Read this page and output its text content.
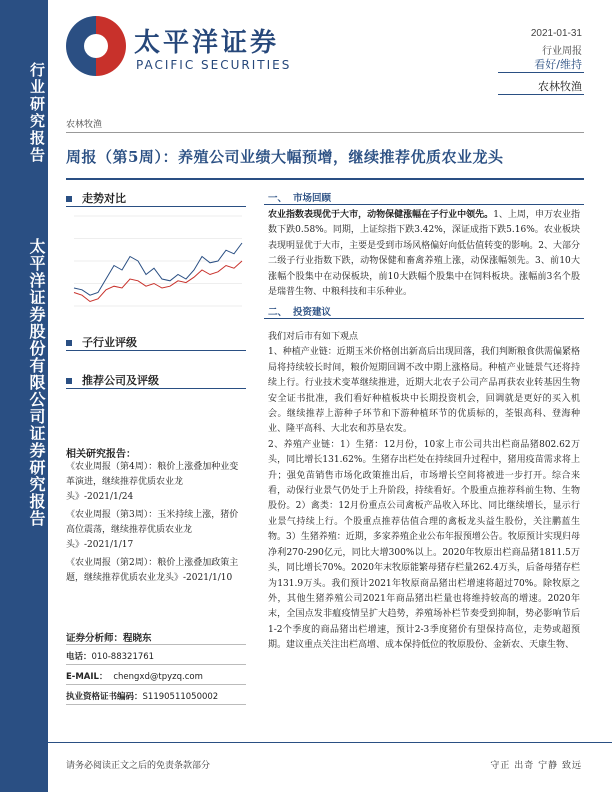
行业研究报告
太平洋证券股份有限公司证券研究报告
太平洋证券
PACIFIC SECURITIES
2021-01-31
行业周报
看好/维持
农林牧渔
农林牧渔
周报（第5周）：养殖公司业绩大幅预增，继续推荐优质农业龙头
走势对比
子行业评级
推荐公司及评级
相关研究报告：
《农业周报（第4周）：粮价上涨叠加种业变革演进，继续推荐优质农业龙头》-2021/1/24
《农业周报（第3周）：玉米持续上涨，猪价高位震荡，继续推荐优质农业龙头》-2021/1/17
《农业周报（第2周）：粮价上涨叠加政策主题，继续推荐优质农业龙头》-2021/1/10
证券分析师：程晓东
电话：010-88321761
E-MAIL： chengxd@tpyzq.com
执业资格证书编码：S1190511050002
一、 市场回顾
农业指数表现优于大市，动物保健涨幅在子行业中领先。1、上周，申万农业指数下跌0.58%。同期，上证综指下跌3.42%，深证成指下跌5.16%。农业板块表现明显优于大市，主要是受到市场风格偏好向低估值转变的影响。2、大部分二级子行业指数下跌，动物保健和畜禽养殖上涨，动保涨幅领先。3、前10大涨幅个股集中在动保板块，前10大跌幅个股集中在饲料板块。涨幅前3名个股是瑞普生物、中粮科技和丰乐种业。
二、 投资建议
我们对后市有如下观点
1、种植产业链：近期玉米价格创出新高后出现回落，我们判断粮食供需偏紧格局将持续较长时间，粮价短期回调不改中期上涨格局。种植产业链景气还将持续上行。行业技术变革继续推进，近期大北农子公司产品再获农业转基因生物安全证书批准，我们看好种植板块中长期投资机会，回调就是更好的买入机会。继续推荐上游种子环节和下游种植环节的优质标的，荃银高科、登海种业、隆平高科、大北农和苏垦农发。
2、养殖产业链：1）生猪：12月份，10家上市公司共出栏商品猪802.62万头，同比增长131.62%。生猪存出栏处在持续回升过程中，猪用疫苗需求将上升；强免苗销售市场化政策推出后，市场增长空间将被进一步打开。综合来看，动保行业景气仍处于上升阶段，持续看好。个股重点推荐科前生物、生物股份。2）禽类：12月份重点公司禽板产品收入环比、同比继续增长，显示行业景气持续上行。个股重点推荐估值合理的禽板龙头益生股份，关注鹏蓝生物。3）生猪养殖：近期，多家养殖企业公布年报预增公告。牧原预计实现归母净利270-290亿元，同比大增300%以上。2020年牧原出栏商品猪1811.5万头，同比增长70%。2020年末牧原能繁母猪存栏量262.4万头，后备母猪存栏为131.9万头。我们预计2021年牧原商品猪出栏增速将超过70%。除牧原之外，其他生猪养殖公司2021年商品猪出栏量也将维持较高的增速。2020年末，全国点发非瘟疫情呈扩大趋势，养殖场补栏节奏受到抑制，势必影响节后1-2个季度的商品猪出栏增速，预计2-3季度猪价有望保持高位，走势或超预期。建议重点关注出栏高增、成本保持低位的牧原股份、金新农、天康生物、
请务必阅读正文之后的免责条款部分	守正 出奇 宁静 致远
